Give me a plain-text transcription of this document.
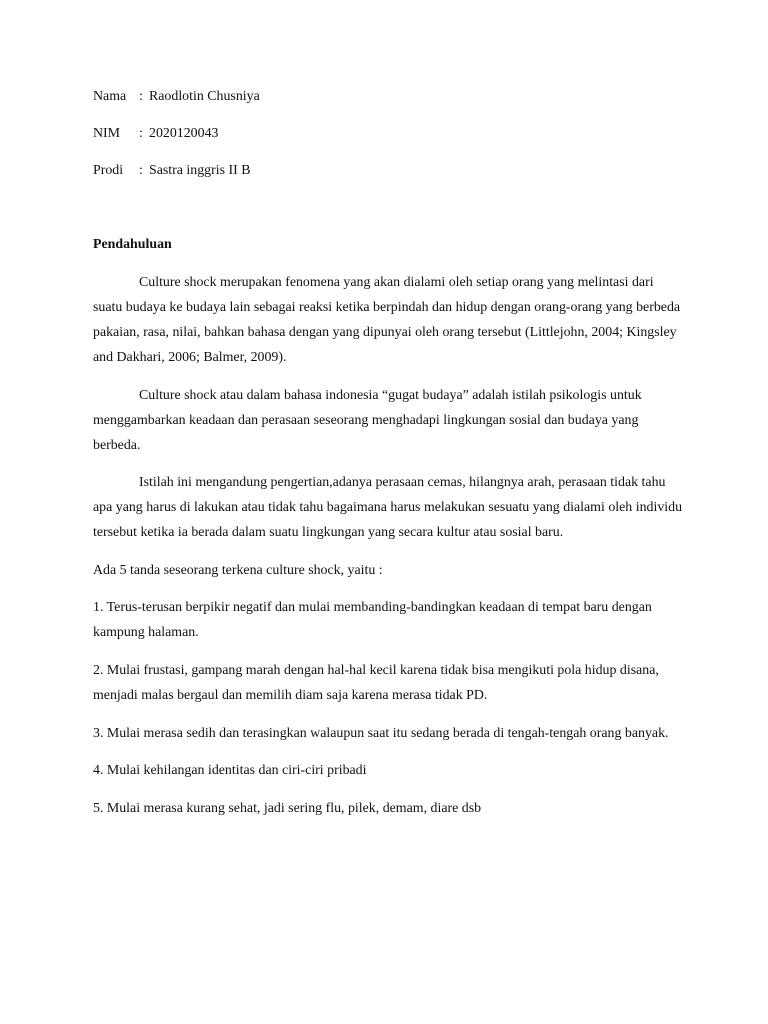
Nama : Raodlotin Chusniya
NIM	: 2020120043
Prodi	: Sastra inggris II B
Pendahuluan

Culture shock merupakan fenomena yang akan dialami oleh setiap orang yang melintasi dari suatu budaya ke budaya lain sebagai reaksi ketika berpindah dan hidup dengan orang-orang yang berbeda pakaian, rasa, nilai, bahkan bahasa dengan yang dipunyai oleh orang tersebut (Littlejohn, 2004; Kingsley and Dakhari, 2006; Balmer, 2009).

Culture shock atau dalam bahasa indonesia “gugat budaya” adalah istilah psikologis untuk menggambarkan keadaan dan perasaan seseorang menghadapi lingkungan sosial dan budaya yang berbeda.

Istilah ini mengandung pengertian,adanya perasaan cemas, hilangnya arah, perasaan tidak tahu apa yang harus di lakukan atau tidak tahu bagaimana harus melakukan sesuatu yang dialami oleh individu tersebut ketika ia berada dalam suatu lingkungan yang secara kultur atau sosial baru.

Ada 5 tanda seseorang terkena culture shock, yaitu :

1. Terus-terusan berpikir negatif dan mulai membanding-bandingkan keadaan di tempat baru dengan kampung halaman.

2. Mulai frustasi, gampang marah dengan hal-hal kecil karena tidak bisa mengikuti pola hidup disana, menjadi malas bergaul dan memilih diam saja karena merasa tidak PD.

3. Mulai merasa sedih dan terasingkan walaupun saat itu sedang berada di tengah-tengah orang banyak.

4. Mulai kehilangan identitas dan ciri-ciri pribadi

5. Mulai merasa kurang sehat, jadi sering flu, pilek, demam, diare dsb
